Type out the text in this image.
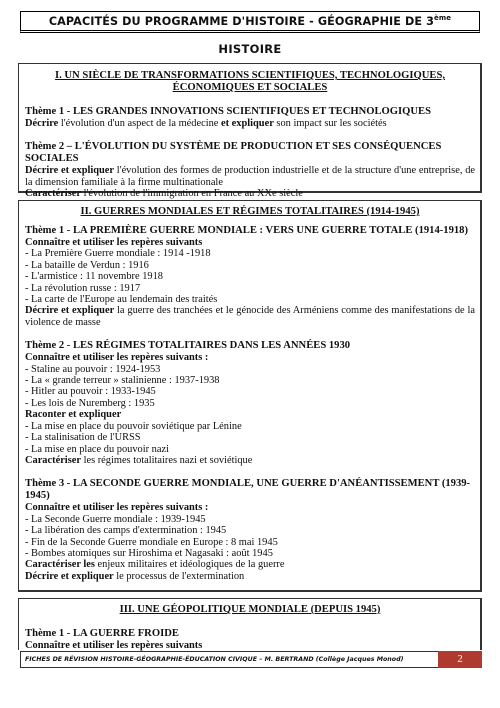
CAPACITÉS DU PROGRAMME D'HISTOIRE - GÉOGRAPHIE DE 3ème
HISTOIRE
I. UN SIÈCLE DE TRANSFORMATIONS SCIENTIFIQUES, TECHNOLOGIQUES,
ÉCONOMIQUES ET SOCIALES
Thème 1 - LES GRANDES INNOVATIONS SCIENTIFIQUES ET TECHNOLOGIQUES
Décrire l'évolution d'un aspect de la médecine et expliquer son impact sur les sociétés
Thème 2 – L'ÉVOLUTION DU SYSTÈME DE PRODUCTION ET SES CONSÉQUENCES SOCIALES
Décrire et expliquer l'évolution des formes de production industrielle et de la structure d'une entreprise, de la dimension familiale à la firme multinationale
Caractériser l'évolution de l'immigration en France au XXe siècle
II. GUERRES MONDIALES ET RÉGIMES TOTALITAIRES (1914-1945)
Thème 1 - LA PREMIÈRE GUERRE MONDIALE : VERS UNE GUERRE TOTALE (1914-1918)
Connaître et utiliser les repères suivants
- La Première Guerre mondiale : 1914 -1918
- La bataille de Verdun : 1916
- L'armistice : 11 novembre 1918
- La révolution russe : 1917
- La carte de l'Europe au lendemain des traités
Décrire et expliquer la guerre des tranchées et le génocide des Arméniens comme des manifestations de la violence de masse
Thème 2 - LES RÉGIMES TOTALITAIRES DANS LES ANNÉES 1930
Connaître et utiliser les repères suivants :
- Staline au pouvoir : 1924-1953
- La « grande terreur » stalinienne : 1937-1938
- Hitler au pouvoir : 1933-1945
- Les lois de Nuremberg : 1935
Raconter et expliquer
- La mise en place du pouvoir soviétique par Lénine
- La stalinisation de l'URSS
- La mise en place du pouvoir nazi
Caractériser les régimes totalitaires nazi et soviétique
Thème 3 - LA SECONDE GUERRE MONDIALE, UNE GUERRE D'ANÉANTISSEMENT (1939-1945)
Connaître et utiliser les repères suivants :
- La Seconde Guerre mondiale : 1939-1945
- La libération des camps d'extermination : 1945
- Fin de la Seconde Guerre mondiale en Europe : 8 mai 1945
- Bombes atomiques sur Hiroshima et Nagasaki : août 1945
Caractériser les enjeux militaires et idéologiques de la guerre
Décrire et expliquer le processus de l'extermination
III. UNE GÉOPOLITIQUE MONDIALE (DEPUIS 1945)
Thème 1 - LA GUERRE FROIDE
Connaître et utiliser les repères suivants
FICHES DE RÉVISION HISTOIRE-GÉOGRAPHIE-ÉDUCATION CIVIQUE – M. BERTRAND (Collège Jacques Monod)	2
